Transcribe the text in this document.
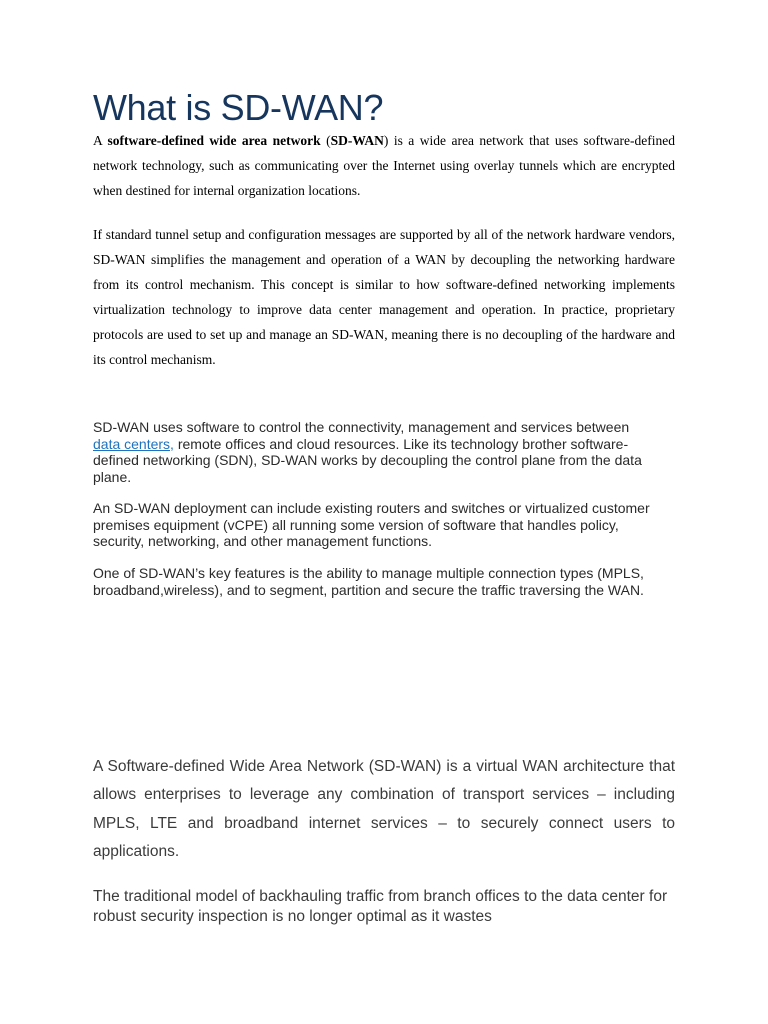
What is SD-WAN?

A software-defined wide area network (SD-WAN) is a wide area network that uses software-defined network technology, such as communicating over the Internet using overlay tunnels which are encrypted when destined for internal organization locations.

If standard tunnel setup and configuration messages are supported by all of the network hardware vendors, SD-WAN simplifies the management and operation of a WAN by decoupling the networking hardware from its control mechanism. This concept is similar to how software-defined networking implements virtualization technology to improve data center management and operation. In practice, proprietary protocols are used to set up and manage an SD-WAN, meaning there is no decoupling of the hardware and its control mechanism.

SD-WAN uses software to control the connectivity, management and services between data centers, remote offices and cloud resources. Like its technology brother software-defined networking (SDN), SD-WAN works by decoupling the control plane from the data plane.

An SD-WAN deployment can include existing routers and switches or virtualized customer premises equipment (vCPE) all running some version of software that handles policy, security, networking, and other management functions.

One of SD-WAN’s key features is the ability to manage multiple connection types (MPLS, broadband,wireless), and to segment, partition and secure the traffic traversing the WAN.

A Software-defined Wide Area Network (SD-WAN) is a virtual WAN architecture that allows enterprises to leverage any combination of transport services – including MPLS, LTE and broadband internet services – to securely connect users to applications.

The traditional model of backhauling traffic from branch offices to the data center for robust security inspection is no longer optimal as it wastes
